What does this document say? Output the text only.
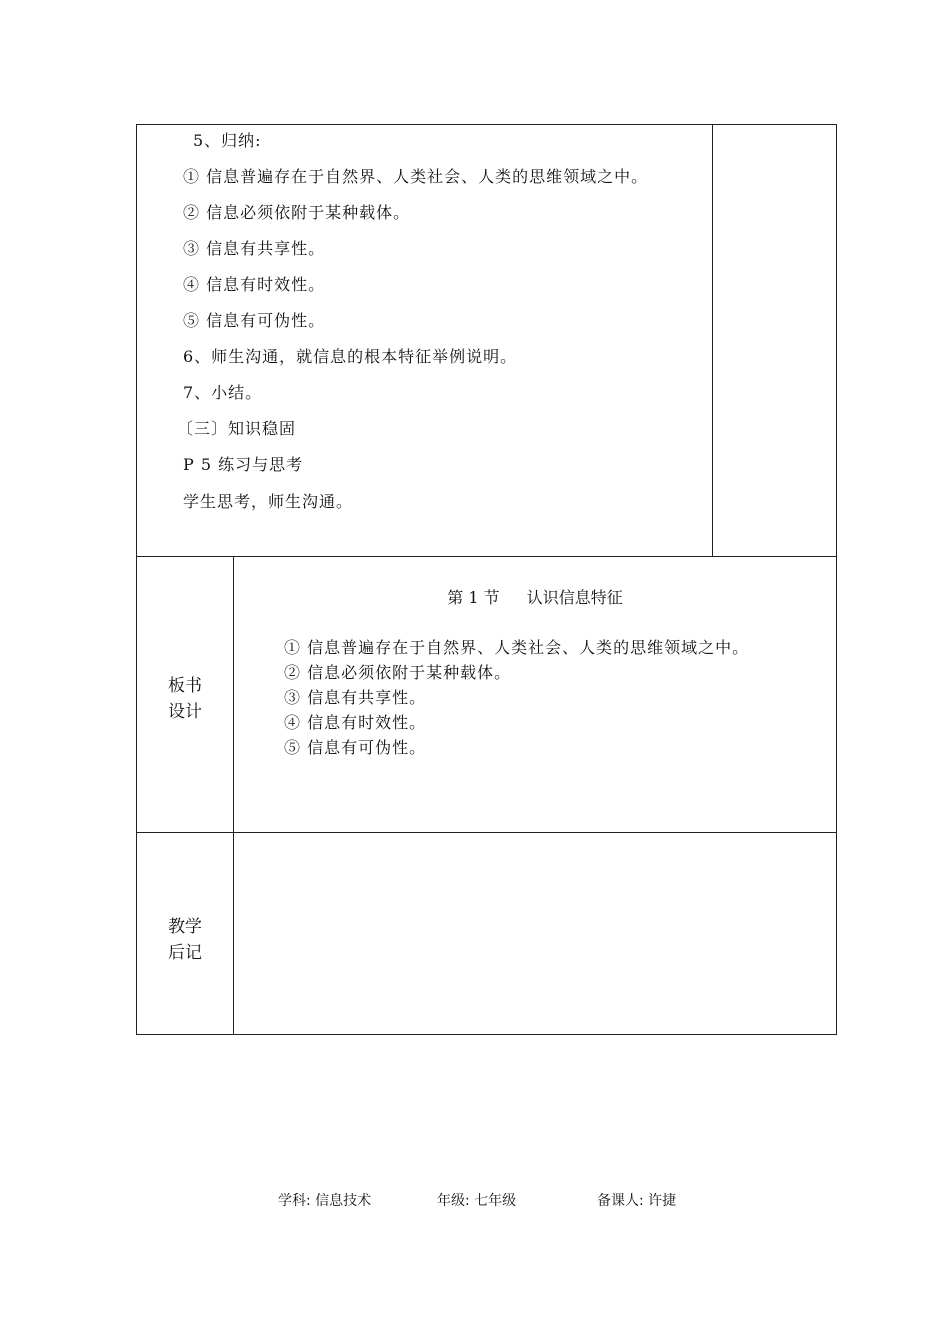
5、归纳:
① 信息普遍存在于自然界、人类社会、人类的思维领域之中。
② 信息必须依附于某种载体。
③ 信息有共享性。
④ 信息有时效性。
⑤ 信息有可伪性。
6、师生沟通，就信息的根本特征举例说明。
7、小结。
〔三〕知识稳固
P 5 练习与思考
学生思考，师生沟通。
板书
设计
第 1 节 认识信息特征
① 信息普遍存在于自然界、人类社会、人类的思维领域之中。
② 信息必须依附于某种载体。
③ 信息有共享性。
④ 信息有时效性。
⑤ 信息有可伪性。
教学
后记
学科: 信息技术	年级: 七年级	备课人: 许捷
